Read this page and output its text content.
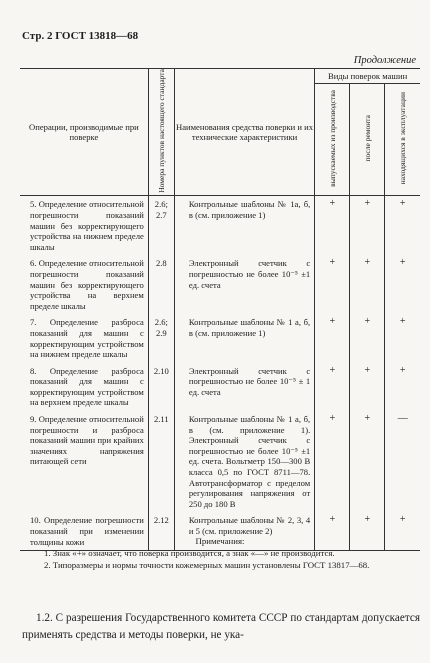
Стр. 2 ГОСТ 13818—68
Продолжение
Операции, производимые при поверке	Номера пунктов настоящего стандарта	Наименования средства поверки и их технические характеристики	Виды поверок машин		
			выпускаемых из производства	после ремонта	находящихся в эксплуатации
5. Определение относительной погрешности показаний машин без корректирующего устройства на нижнем пределе шкалы	2.6; 2.7	Контрольные шаблоны № 1а, б, в (см. приложение 1)	+	+	+
6. Определение относительной погрешности показаний машин без корректирующего устройства на верхнем пределе шкалы	2.8	Электронный счетчик с погрешностью не более 10⁻⁵ ±1 ед. счета	+	+	+
7. Определение разброса показаний для машин с корректирующим устройством на нижнем пределе шкалы	2.6; 2.9	Контрольные шаблоны № 1 а, б, в (см. приложение 1)	+	+	+
8. Определение разброса показаний для машин с корректирующим устройством на верхнем пределе шкалы	2.10	Электронный счетчик с погрешностью не более 10⁻⁵ ± 1 ед. счета	+	+	+
9. Определение относительной погрешности и разброса показаний машин при крайних значениях напряжения питающей сети	2.11	Контрольные шаблоны № 1 а, б, в (см. приложение 1). Электронный счетчик с погрешностью не более 10⁻⁵ ±1 ед. счета. Вольтметр 150—300 В класса 0,5 по ГОСТ 8711—78. Автотрансформатор с пределом регулирования напряжения от 250 до 180 В	+	+	—
10. Определение погрешности показаний при изменении толщины кожи	2.12	Контрольные шаблоны № 2, 3, 4 и 5 (см. приложение 2)	+	+	+
Примечания:

1. Знак «+» означает, что поверка производится, а знак «—» не производится.

2. Типоразмеры и нормы точности кожемерных машин установлены ГОСТ 13817—68.

1.2. С разрешения Государственного комитета СССР по стандартам допускается применять средства и методы поверки, не ука-
